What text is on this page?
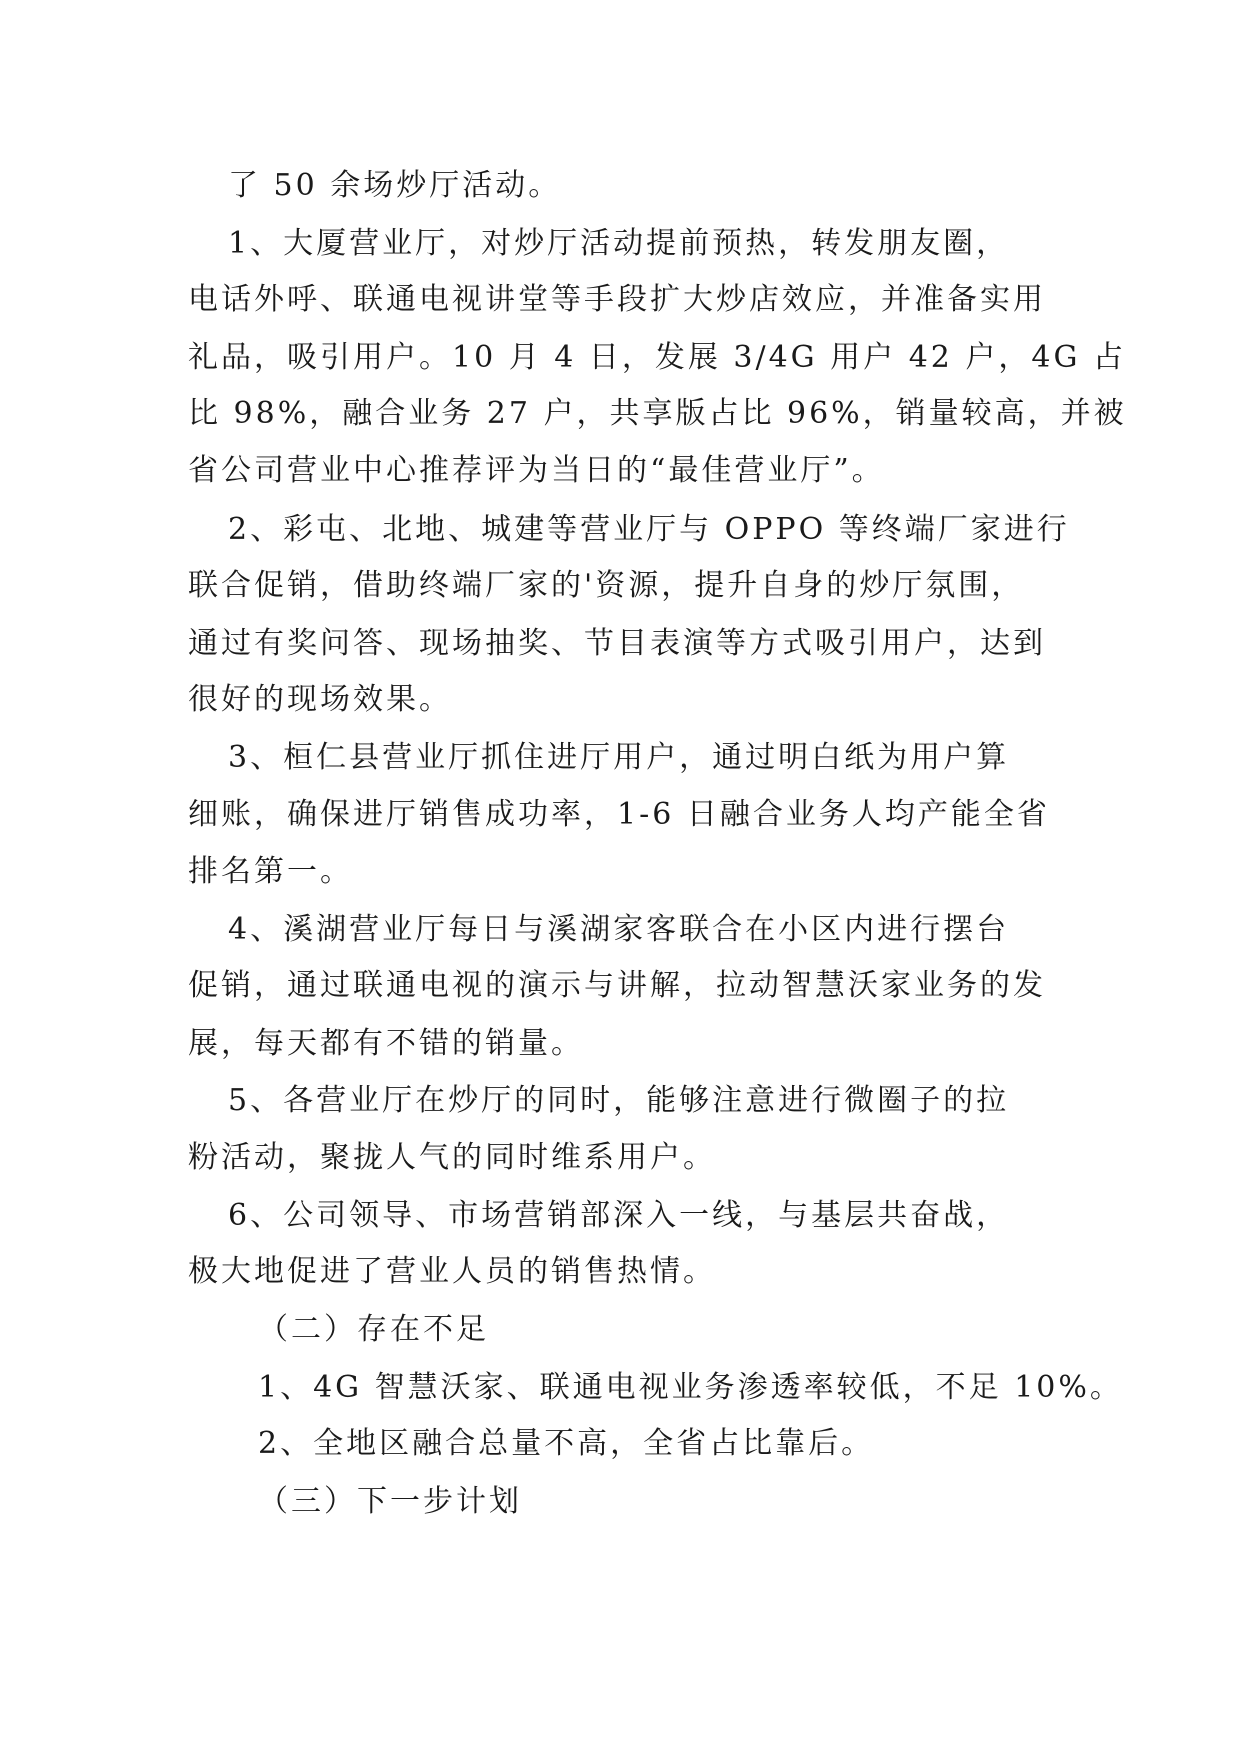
了 50 余场炒厅活动。
1、大厦营业厅，对炒厅活动提前预热，转发朋友圈，
电话外呼、联通电视讲堂等手段扩大炒店效应，并准备实用
礼品，吸引用户。10 月 4 日，发展 3/4G 用户 42 户，4G 占
比 98%，融合业务 27 户，共享版占比 96%，销量较高，并被
省公司营业中心推荐评为当日的“最佳营业厅”。
2、彩屯、北地、城建等营业厅与 OPPO 等终端厂家进行
联合促销，借助终端厂家的'资源，提升自身的炒厅氛围，
通过有奖问答、现场抽奖、节目表演等方式吸引用户，达到
很好的现场效果。
3、桓仁县营业厅抓住进厅用户，通过明白纸为用户算
细账，确保进厅销售成功率，1-6 日融合业务人均产能全省
排名第一。
4、溪湖营业厅每日与溪湖家客联合在小区内进行摆台
促销，通过联通电视的演示与讲解，拉动智慧沃家业务的发
展，每天都有不错的销量。
5、各营业厅在炒厅的同时，能够注意进行微圈子的拉
粉活动，聚拢人气的同时维系用户。
6、公司领导、市场营销部深入一线，与基层共奋战，
极大地促进了营业人员的销售热情。
（二）存在不足
1、4G 智慧沃家、联通电视业务渗透率较低，不足 10%。
2、全地区融合总量不高，全省占比靠后。
（三）下一步计划
